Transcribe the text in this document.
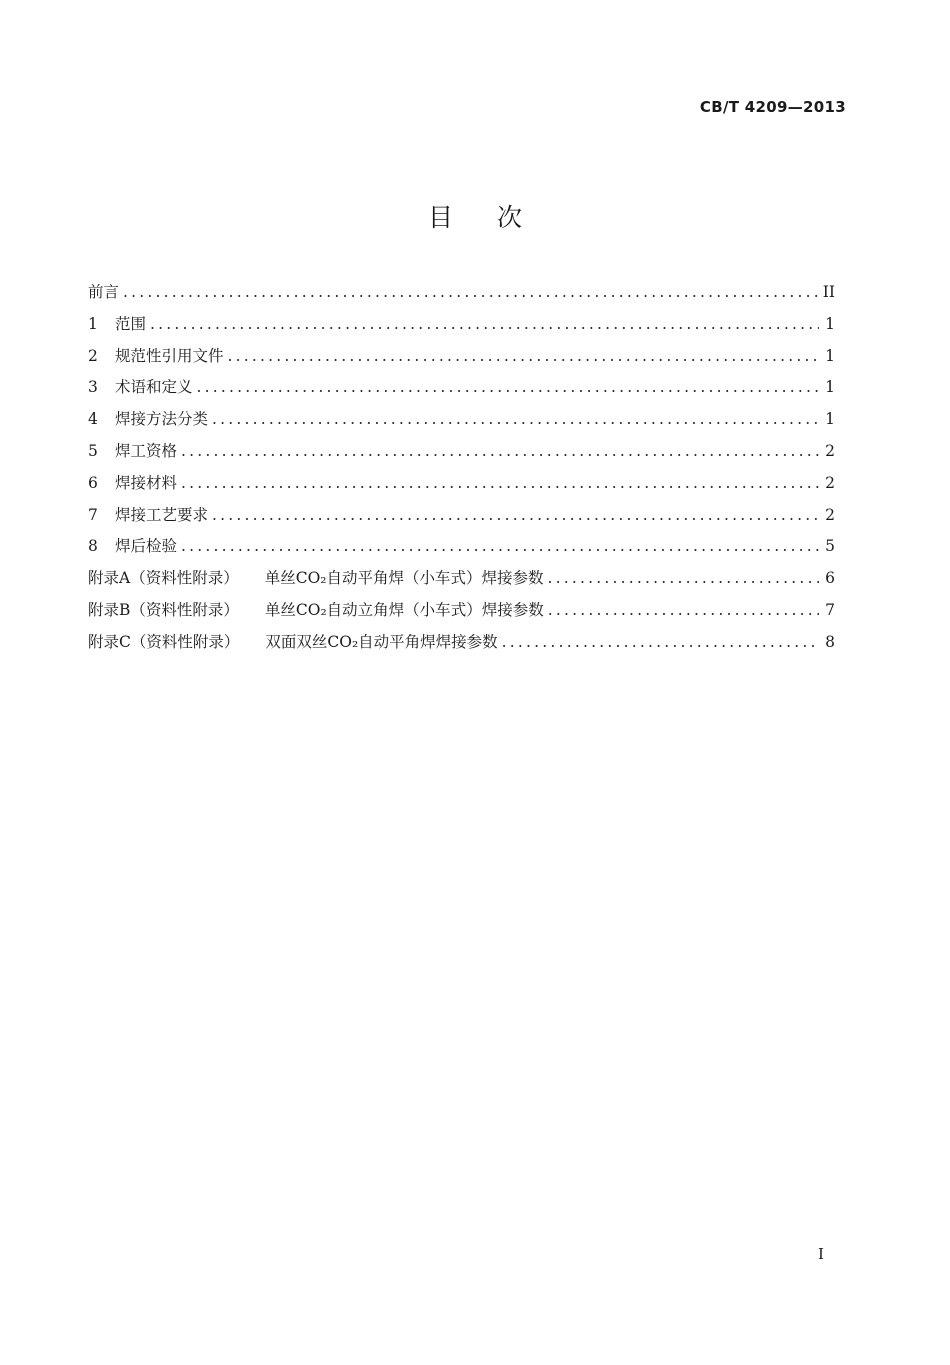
CB/T 4209—2013
目次
前言 .....	II
1	范围 .....	1
2	规范性引用文件 .....	1
3	术语和定义 .....	1
4	焊接方法分类 .....	1
5	焊工资格 .....	2
6	焊接材料 .....	2
7	焊接工艺要求 .....	2
8	焊后检验 .....	5
附录A（资料性附录） 单丝CO₂自动平角焊（小车式）焊接参数 .....	6
附录B（资料性附录） 单丝CO₂自动立角焊（小车式）焊接参数 .....	7
附录C（资料性附录） 双面双丝CO₂自动平角焊焊接参数 .....	8
I
